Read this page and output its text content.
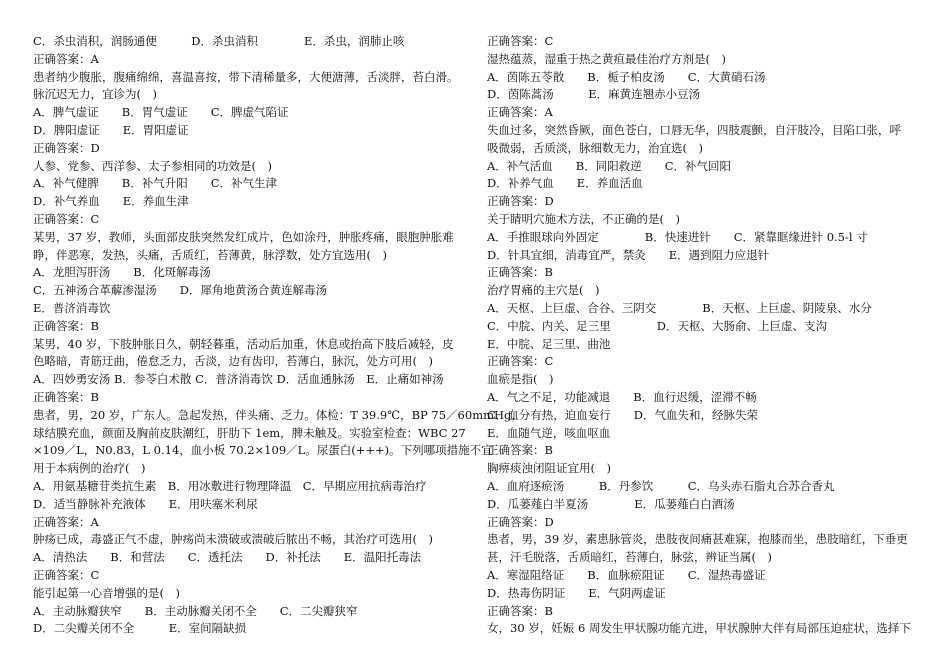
C．杀虫消积，润肠通便　　　D．杀虫消积　　　　E．杀虫，润肺止咳
正确答案：A
患者纳少腹胀，腹痛绵绵，喜温喜按，带下清稀量多，大便溏薄，舌淡胖，苔白滑。
脉沉迟无力，宜诊为(　)
A．脾气虚证　　B．胃气虚证　　C．脾虚气陷证
D．脾阳虚证　　E．胃阳虚证
正确答案：D
人参、党参、西洋参、太子参相同的功效是(　)
A．补气健脾　　B．补气升阳　　C．补气生津
D．补气养血　　E．养血生津
正确答案：C
某男，37 岁，教师，头面部皮肤突然发红成片，色如涂丹，肿胀疼痛，眼胞肿胀难
睁，伴恶寒，发热，头痛，舌质红，苔薄黄，脉浮数，处方宜选用(　)
A．龙胆泻肝汤　　B．化斑解毒汤
C．五神汤合革薢渗湿汤　　D．犀角地黄汤合黄连解毒汤
E．普济消毒饮
正确答案：B
某男，40 岁，下肢肿胀日久，朝轻暮重，活动后加重，休息或抬高下肢后减轻，皮
色略暗，青筋迂曲，倦怠乏力，舌淡，边有齿印，苔薄白，脉沉，处方可用(　)
A．四妙勇安汤 B．参苓白术散 C．普济消毒饮 D．活血通脉汤　E．止痛如神汤
正确答案：B
患者，男，20 岁，广东人。急起发热，伴头痛、乏力。体检：T 39.9℃，BP 75／60mmHg，
球结膜充血，颜面及胸前皮肤潮红，肝肋下 1em，脾未触及。实验室检查：WBC 27
×109／L，N0.83，L 0.14，血小板 70.2×109／L。尿蛋白(+++)。下列哪项措施不宜
用于本病例的治疗(　)
A．用氨基糖苷类抗生素　B．用冰敷进行物理降温　C．早期应用抗病毒治疗
D．适当静脉补充液体　　E．用呋塞米利尿
正确答案：A
肿疡已成，毒盛正气不虚，肿疡尚未溃破或溃破后脓出不畅，其治疗可选用(　)
A．清热法　　B．和营法　　C．透托法　　D．补托法　　E．温阳托毒法
正确答案：C
能引起第一心音增强的是(　)
A．主动脉瓣狭窄　　B．主动脉瓣关闭不全　　C．二尖瓣狭窄
D．二尖瓣关闭不全　　　E．室间隔缺损
正确答案：C
湿热蕴蒸，湿重于热之黄疸最佳治疗方剂是(　)
A．茵陈五苓散　　B．栀子柏皮汤　　C．大黄硝石汤
D．茵陈蒿汤　　　E．麻黄连翘赤小豆汤
正确答案：A
失血过多，突然昏厥，面色苍白，口唇无华，四肢震颤，自汗肢冷，目陷口张，呼
吸微弱，舌质淡，脉细数无力，治宜选(　)
A．补气活血　　B．同阳救逆　　C．补气回阳
D．补养气血　　E．养血活血
正确答案：D
关于睛明穴施术方法，不正确的是(　)
A．手推眼球向外固定　　　　B．快速进针　　C．紧靠眶缘进针 0.5-l 寸
D．针具宜细，消毒宜严，禁灸　　E．遇到阻力应退针
正确答案：B
治疗胃痛的主穴是(　)
A．天枢、上巨虚、合谷、三阴交　　　　B．天枢、上巨虚、阴陵泉、水分
C．中脘、内关、足三里　　　　D．天枢、大肠俞、上巨虚、支沟
E．中脘、足三里、曲池
正确答案：C
血瘀是指(　)
A．气之不足，功能减退　　B．血行迟缓，涩滞不畅
C．血分有热，迫血妄行　　D．气血失和，经脉失荣
E．血随气逆，咳血呕血
正确答案：B
胸痹痰浊闭阻证宜用(　)
A．血府逐瘀汤　　　B．丹参饮　　　C．乌头赤石脂丸合苏合香丸
D．瓜蒌薤白半夏汤　　　　E．瓜蒌薤白白酒汤
正确答案：D
患者，男，39 岁，素患脉管炎，患肢夜间痛甚难寐，抱膝而坐，患肢暗红，下垂更
甚，汗毛脱落，舌质暗红，苔薄白，脉弦，辨证当属(　)
A．寒湿阻络证　　B．血脉瘀阻证　　C．湿热毒盛证
D．热毒伤阴证　　E．气阴两虚证
正确答案：B
女，30 岁，妊娠 6 周发生甲状腺功能亢进，甲状腺肿大伴有局部压迫症状，选择下
